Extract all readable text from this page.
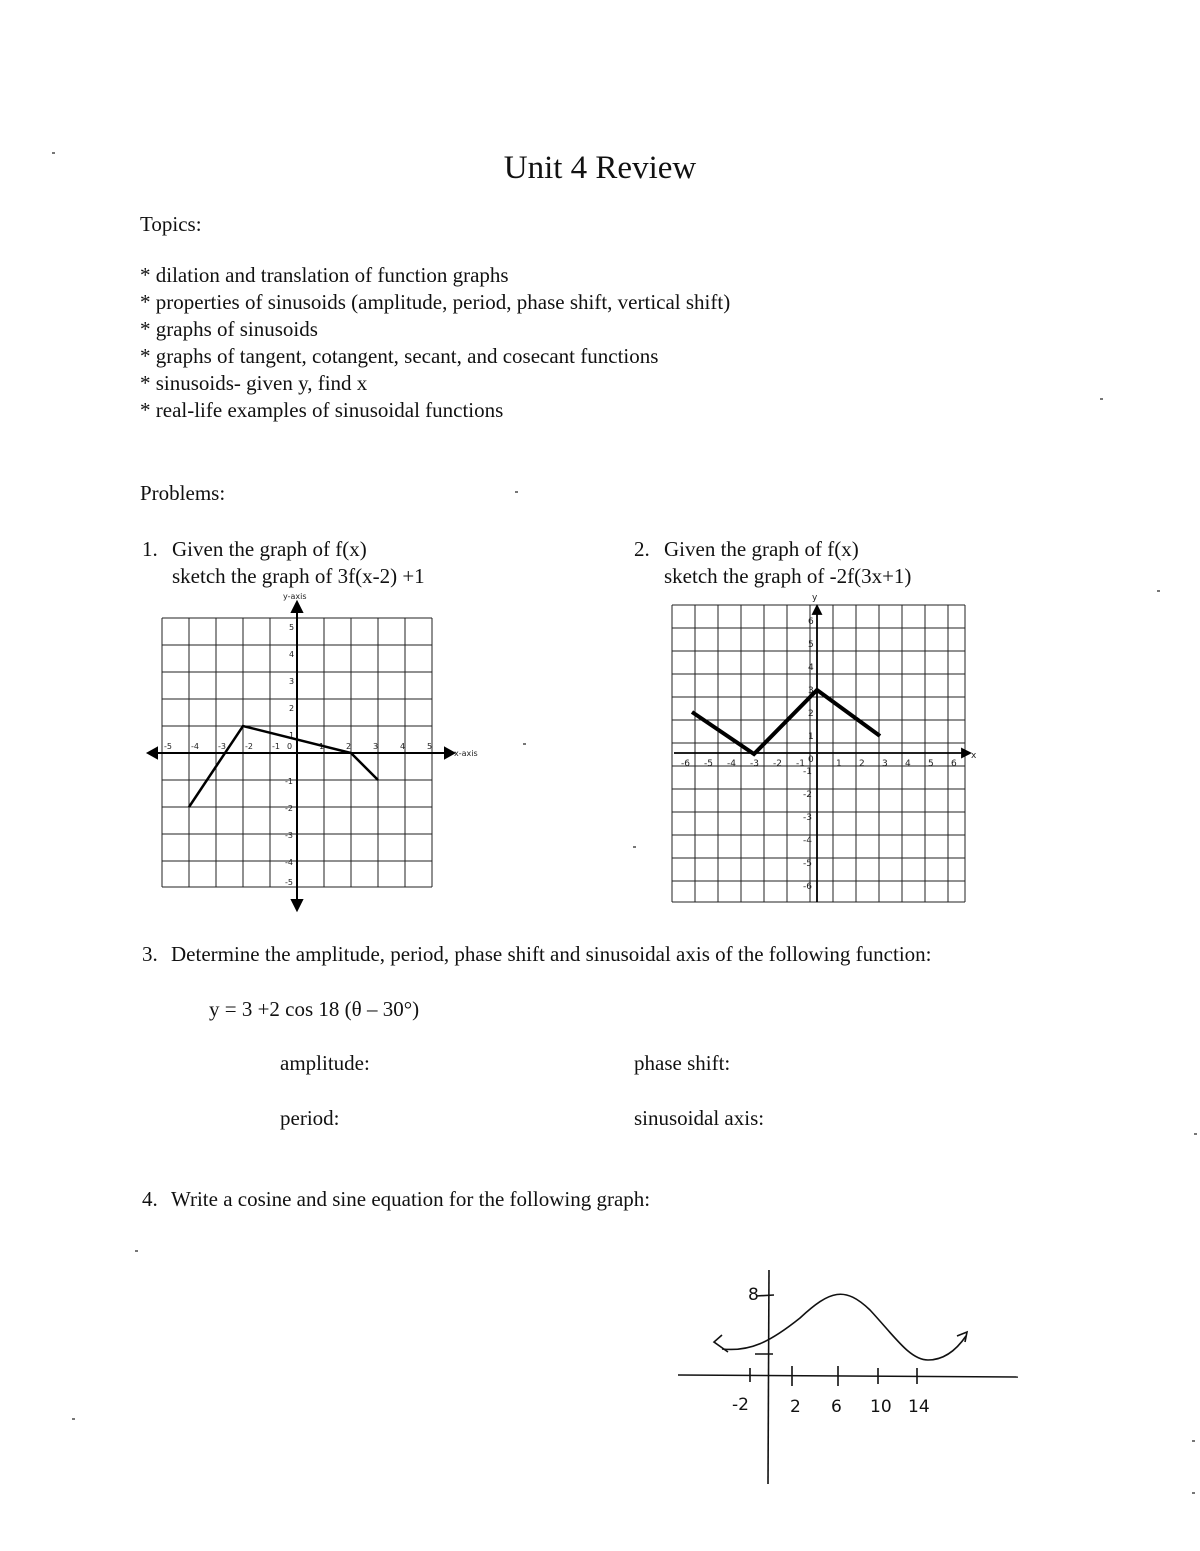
Unit 4 Review
Topics:
* dilation and translation of function graphs
* properties of sinusoids (amplitude, period, phase shift, vertical shift)
* graphs of sinusoids
* graphs of tangent, cotangent, secant, and cosecant functions
* sinusoids- given y, find x
* real-life examples of sinusoidal functions
Problems:
1. Given the graph of f(x)
sketch the graph of 3f(x-2) +1
y-axis
x-axis
-5 -4 -3 -2 -1 0	1	2	3	4	5
5
4
3
2
1
-1
-2
-3
-4
-5
2. Given the graph of f(x)
sketch the graph of -2f(3x+1)
y
x
-6 -5 -4 -3 -2 -1 0 1 2 3 4 5 6
6
5
4
3
2
1
-1
-2
-3
-4
-5
-6
3. Determine the amplitude, period, phase shift and sinusoidal axis of the following function:
y = 3 +2 cos 18 (θ – 30°)
amplitude:	phase shift:
period:	sinusoidal axis:
4. Write a cosine and sine equation for the following graph:
8
-2 2 6 10 14
